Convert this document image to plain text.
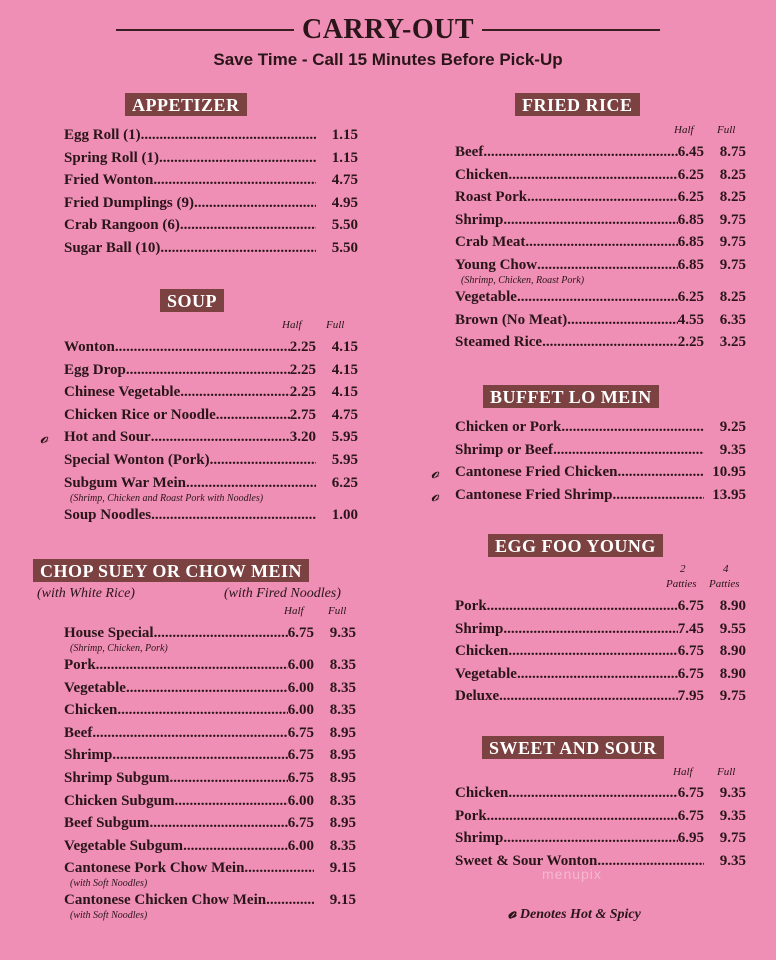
CARRY-OUT
Save Time - Call 15 Minutes Before Pick-Up
APPETIZER
Egg Roll (1) .....	1.15
Spring Roll (1) .....	1.15
Fried Wonton .....	4.75
Fried Dumplings (9) .....	4.95
Crab Rangoon (6) .....	5.50
Sugar Ball (10) .....	5.50
SOUP
Half Full
Wonton .....	2.25	4.15
Egg Drop .....	2.25	4.15
Chinese Vegetable .....	2.25	4.15
Chicken Rice or Noodle .....	2.75	4.75
𝓸 Hot and Sour .....	3.20	5.95
Special Wonton (Pork) .....	5.95
Subgum War Mein .....	6.25
(Shrimp, Chicken and Roast Pork with Noodles)
Soup Noodles .....	1.00
CHOP SUEY OR CHOW MEIN
(with White Rice)	(with Fired Noodles)
Half Full
House Special .....	6.75	9.35
(Shrimp, Chicken, Pork)
Pork .....	6.00	8.35
Vegetable .....	6.00	8.35
Chicken .....	6.00	8.35
Beef .....	6.75	8.95
Shrimp .....	6.75	8.95
Shrimp Subgum .....	6.75	8.95
Chicken Subgum .....	6.00	8.35
Beef Subgum .....	6.75	8.95
Vegetable Subgum .....	6.00	8.35
Cantonese Pork Chow Mein .....	9.15
(with Soft Noodles)
Cantonese Chicken Chow Mein .....	9.15
(with Soft Noodles)
FRIED RICE
Half Full
Beef .....	6.45	8.75
Chicken .....	6.25	8.25
Roast Pork .....	6.25	8.25
Shrimp .....	6.85	9.75
Crab Meat .....	6.85	9.75
Young Chow .....	6.85	9.75
(Shrimp, Chicken, Roast Pork)
Vegetable .....	6.25	8.25
Brown (No Meat) .....	4.55	6.35
Steamed Rice .....	2.25	3.25
BUFFET LO MEIN
Chicken or Pork .....	9.25
Shrimp or Beef .....	9.35
𝓸 Cantonese Fried Chicken .....	10.95
𝓸 Cantonese Fried Shrimp .....	13.95
EGG FOO YOUNG
2	4
Patties Patties
Pork .....	6.75	8.90
Shrimp .....	7.45	9.55
Chicken .....	6.75	8.90
Vegetable .....	6.75	8.90
Deluxe .....	7.95	9.75
SWEET AND SOUR
Half Full
Chicken .....	6.75	9.35
Pork .....	6.75	9.35
Shrimp .....	6.95	9.75
Sweet & Sour Wonton .....	9.35
𝓸 Denotes Hot & Spicy
menupix
